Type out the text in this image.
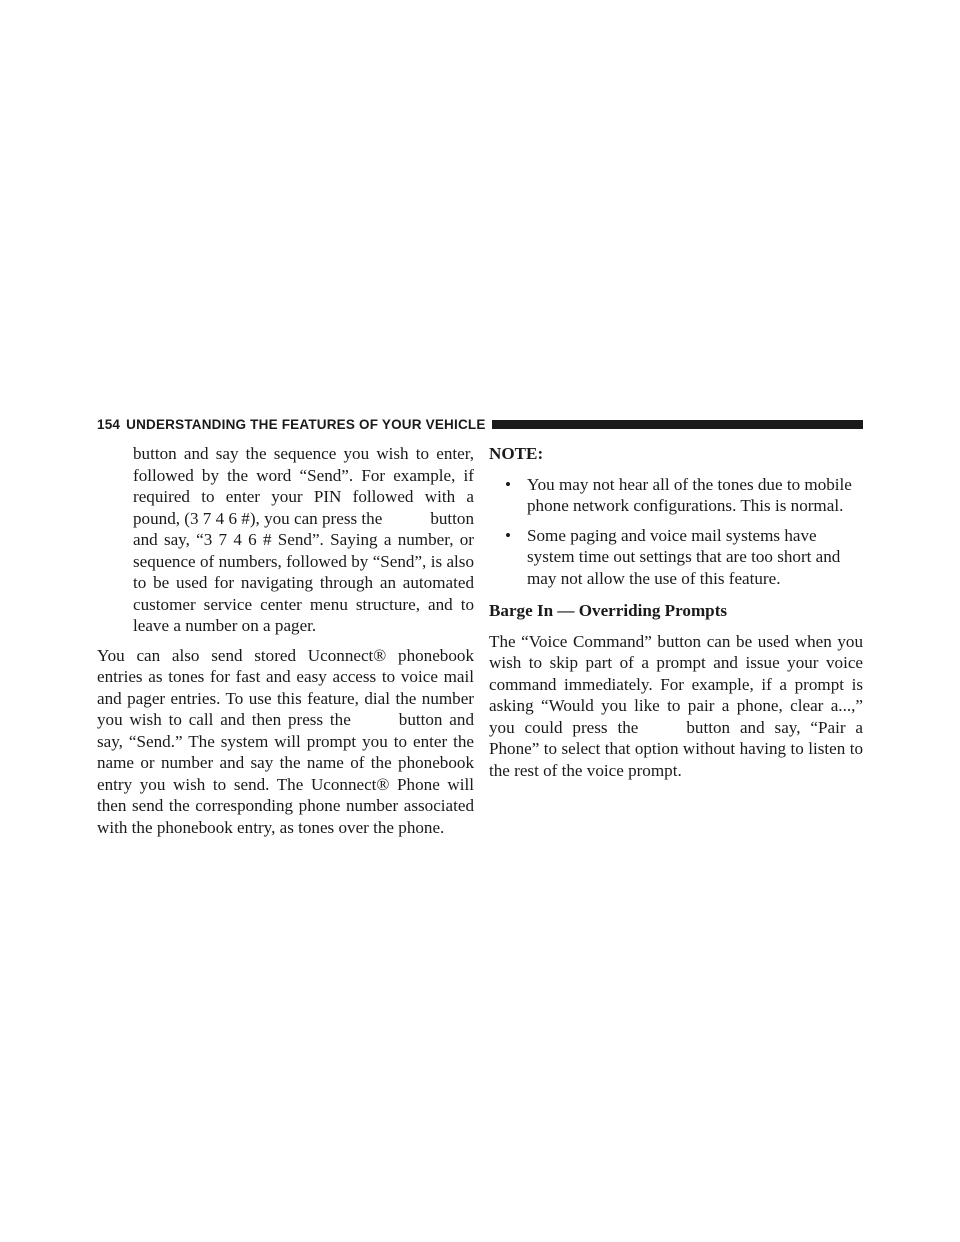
154 UNDERSTANDING THE FEATURES OF YOUR VEHICLE

button and say the sequence you wish to enter, followed by the word “Send”. For example, if required to enter your PIN followed with a pound, (3 7 4 6 #), you can press the	button and say, “3 7 4 6 # Send”. Saying a number, or sequence of numbers, followed by “Send”, is also to be used for navigating through an automated customer service center menu structure, and to leave a number on a pager.

You can also send stored Uconnect® phonebook entries as tones for fast and easy access to voice mail and pager entries. To use this feature, dial the number you wish to call and then press the	button and say, “Send.” The system will prompt you to enter the name or number and say the name of the phonebook entry you wish to send. The Uconnect® Phone will then send the corresponding phone number associated with the phonebook entry, as tones over the phone.

NOTE:
• You may not hear all of the tones due to mobile phone network configurations. This is normal.
• Some paging and voice mail systems have system time out settings that are too short and may not allow the use of this feature.
Barge In — Overriding Prompts

The “Voice Command” button can be used when you wish to skip part of a prompt and issue your voice command immediately. For example, if a prompt is asking “Would you like to pair a phone, clear a...,” you could press the	button and say, “Pair a Phone” to select that option without having to listen to the rest of the voice prompt.
